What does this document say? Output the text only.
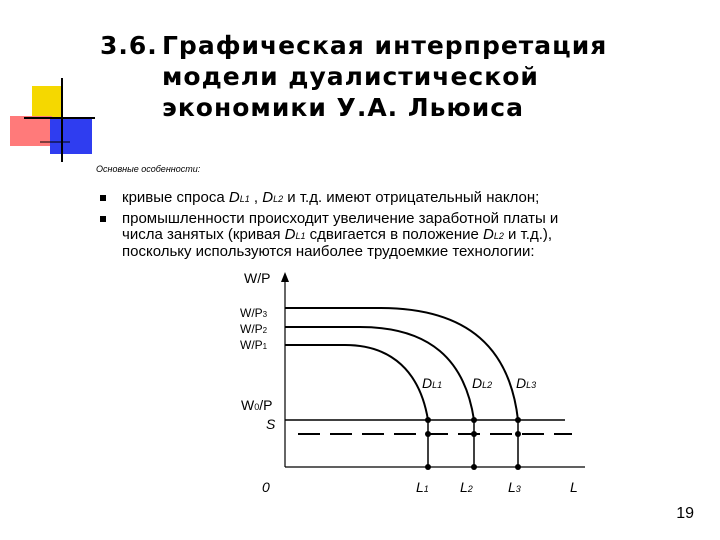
3.6. Графическая интерпретация
модели дуалистической
экономики У.А. Льюиса
Основные особенности:
кривые спроса DL1 , DL2 и т.д. имеют отрицательный наклон;
промышленности происходит увеличение заработной платы и
числа занятых (кривая DL1 сдвигается в положение DL2 и т.д.),
поскольку используются наиболее трудоемкие технологии:
W/P
W/P3
W/P2
W/P1
W0/P
S
0
DL1 DL2 DL3
L1 L2	L3	L
19
